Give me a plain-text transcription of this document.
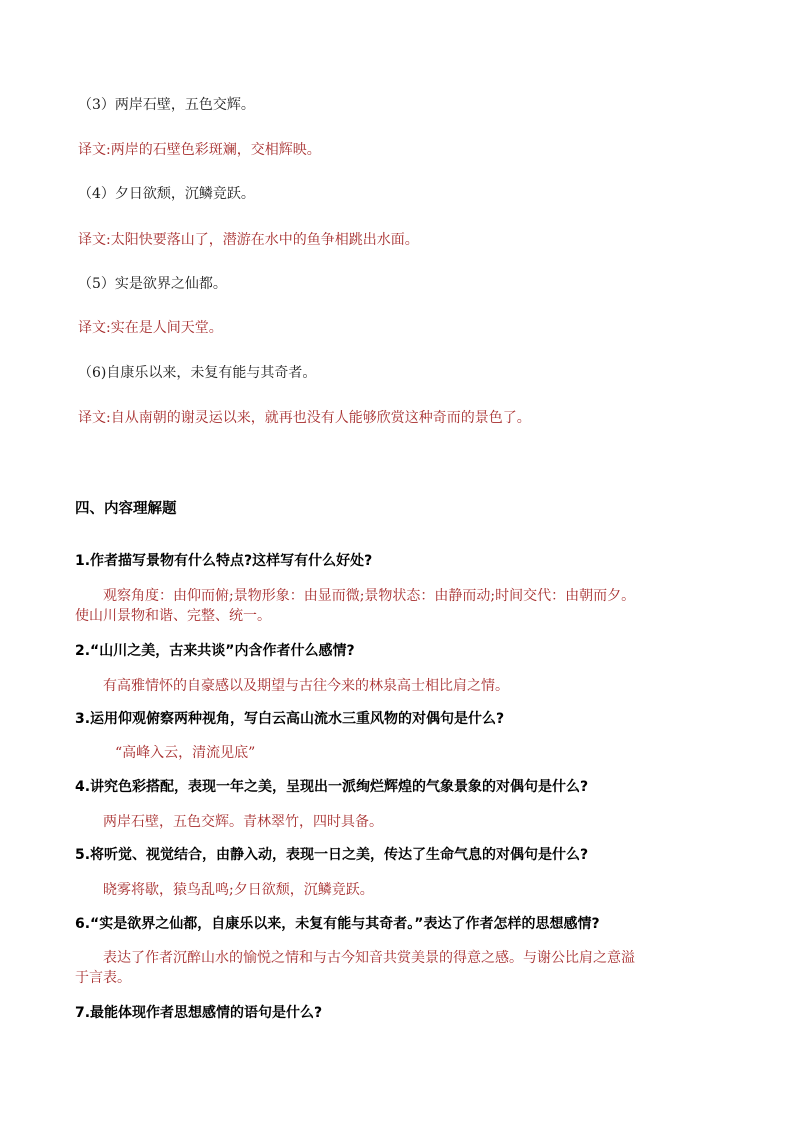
（3）两岸石壁，五色交辉。
译文:两岸的石壁色彩斑斓，交相辉映。
（4）夕日欲颓，沉鳞竞跃。
译文:太阳快要落山了，潜游在水中的鱼争相跳出水面。
（5）实是欲界之仙都。
译文:实在是人间天堂。
（6)自康乐以来，未复有能与其奇者。
译文:自从南朝的谢灵运以来，就再也没有人能够欣赏这种奇而的景色了。
四、内容理解题
1.作者描写景物有什么特点?这样写有什么好处?
观察角度：由仰而俯;景物形象：由显而微;景物状态：由静而动;时间交代：由朝而夕。
使山川景物和谐、完整、统一。
2.“山川之美，古来共谈”内含作者什么感情?
有高雅情怀的自豪感以及期望与古往今来的林泉高士相比肩之情。
3.运用仰观俯察两种视角，写白云高山流水三重风物的对偶句是什么?
“高峰入云，清流见底”
4.讲究色彩搭配，表现一年之美，呈现出一派绚烂辉煌的气象景象的对偶句是什么?
两岸石壁，五色交辉。青林翠竹，四时具备。
5.将听觉、视觉结合，由静入动，表现一日之美，传达了生命气息的对偶句是什么?
晓雾将歇，猿鸟乱鸣;夕日欲颓，沉鳞竞跃。
6.“实是欲界之仙都，自康乐以来，未复有能与其奇者。”表达了作者怎样的思想感情?
表达了作者沉醉山水的愉悦之情和与古今知音共赏美景的得意之感。与谢公比肩之意溢
于言表。
7.最能体现作者思想感情的语句是什么?
